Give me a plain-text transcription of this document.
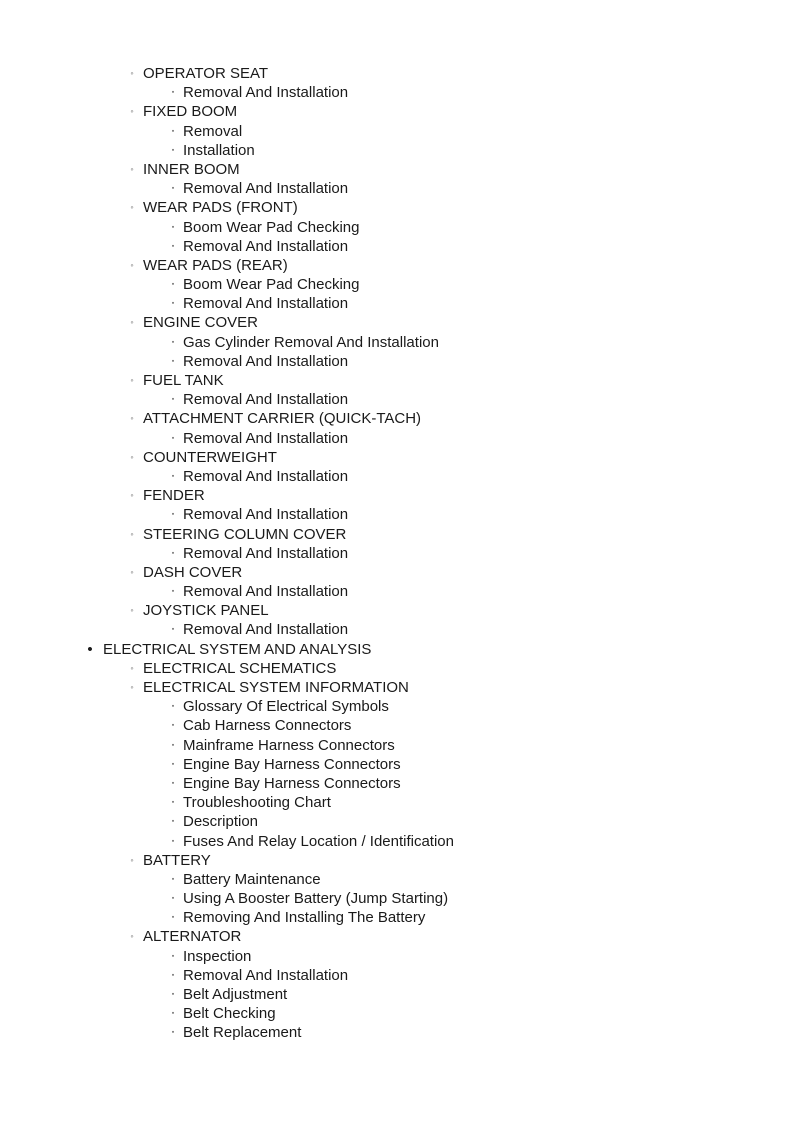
◦ OPERATOR SEAT
▪ Removal And Installation
◦ FIXED BOOM
▪ Removal
▪ Installation
◦ INNER BOOM
▪ Removal And Installation
◦ WEAR PADS (FRONT)
▪ Boom Wear Pad Checking
▪ Removal And Installation
◦ WEAR PADS (REAR)
▪ Boom Wear Pad Checking
▪ Removal And Installation
◦ ENGINE COVER
▪ Gas Cylinder Removal And Installation
▪ Removal And Installation
◦ FUEL TANK
▪ Removal And Installation
◦ ATTACHMENT CARRIER (QUICK-TACH)
▪ Removal And Installation
◦ COUNTERWEIGHT
▪ Removal And Installation
◦ FENDER
▪ Removal And Installation
◦ STEERING COLUMN COVER
▪ Removal And Installation
◦ DASH COVER
▪ Removal And Installation
◦ JOYSTICK PANEL
▪ Removal And Installation
• ELECTRICAL SYSTEM AND ANALYSIS
◦ ELECTRICAL SCHEMATICS
◦ ELECTRICAL SYSTEM INFORMATION
▪ Glossary Of Electrical Symbols
▪ Cab Harness Connectors
▪ Mainframe Harness Connectors
▪ Engine Bay Harness Connectors
▪ Engine Bay Harness Connectors
▪ Troubleshooting Chart
▪ Description
▪ Fuses And Relay Location / Identification
◦ BATTERY
▪ Battery Maintenance
▪ Using A Booster Battery (Jump Starting)
▪ Removing And Installing The Battery
◦ ALTERNATOR
▪ Inspection
▪ Removal And Installation
▪ Belt Adjustment
▪ Belt Checking
▪ Belt Replacement
